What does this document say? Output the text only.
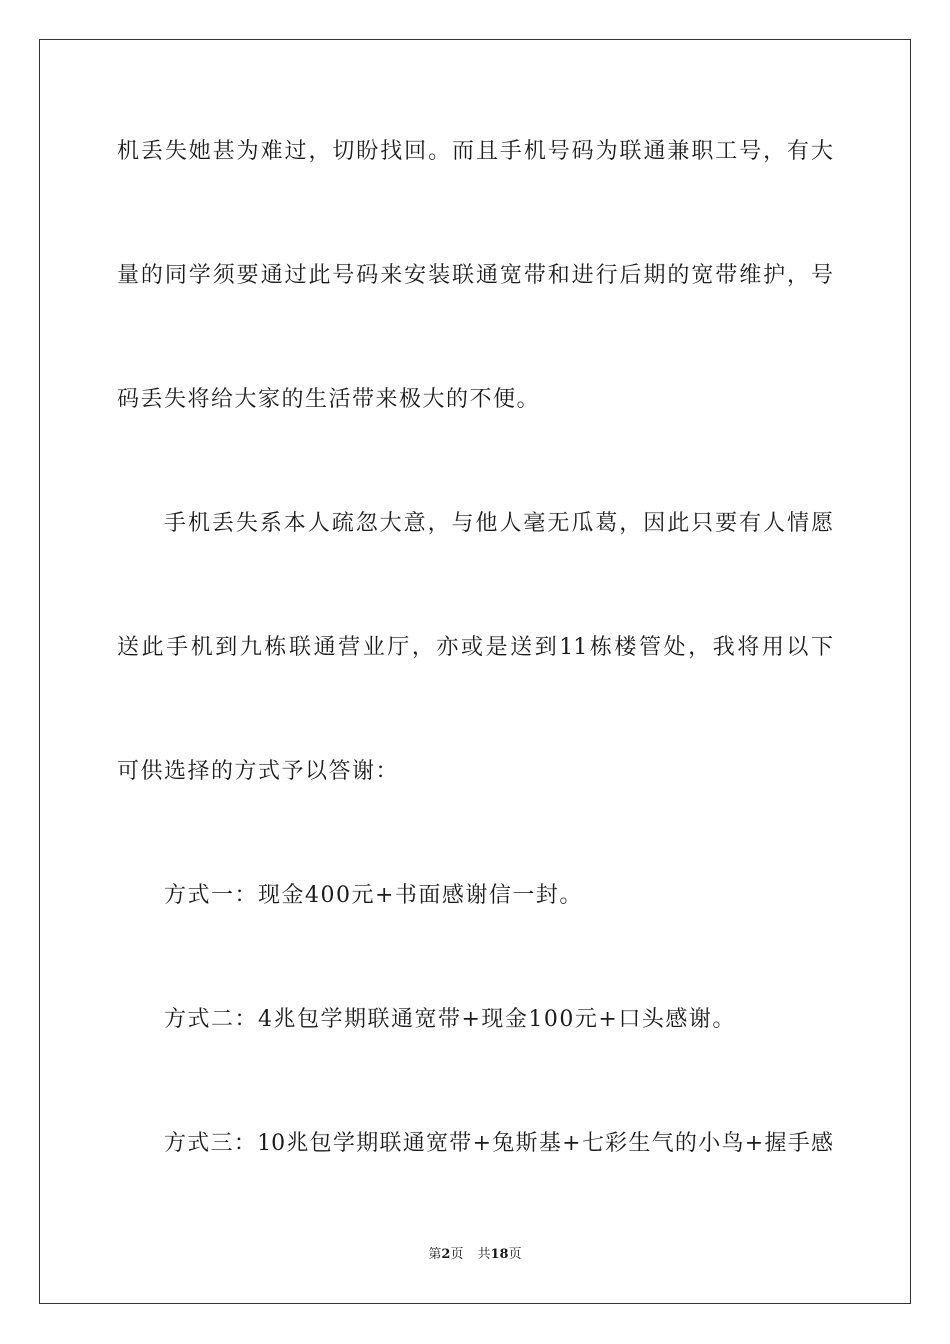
机丢失她甚为难过，切盼找回。而且手机号码为联通兼职工号，有大
量的同学须要通过此号码来安装联通宽带和进行后期的宽带维护，号
码丢失将给大家的生活带来极大的不便。
手机丢失系本人疏忽大意，与他人毫无瓜葛，因此只要有人情愿
送此手机到九栋联通营业厅，亦或是送到11栋楼管处，我将用以下
可供选择的方式予以答谢：
方式一：现金400元+书面感谢信一封。
方式二：4兆包学期联通宽带+现金100元+口头感谢。
方式三：10兆包学期联通宽带+兔斯基+七彩生气的小鸟+握手感
第2页 共18页
